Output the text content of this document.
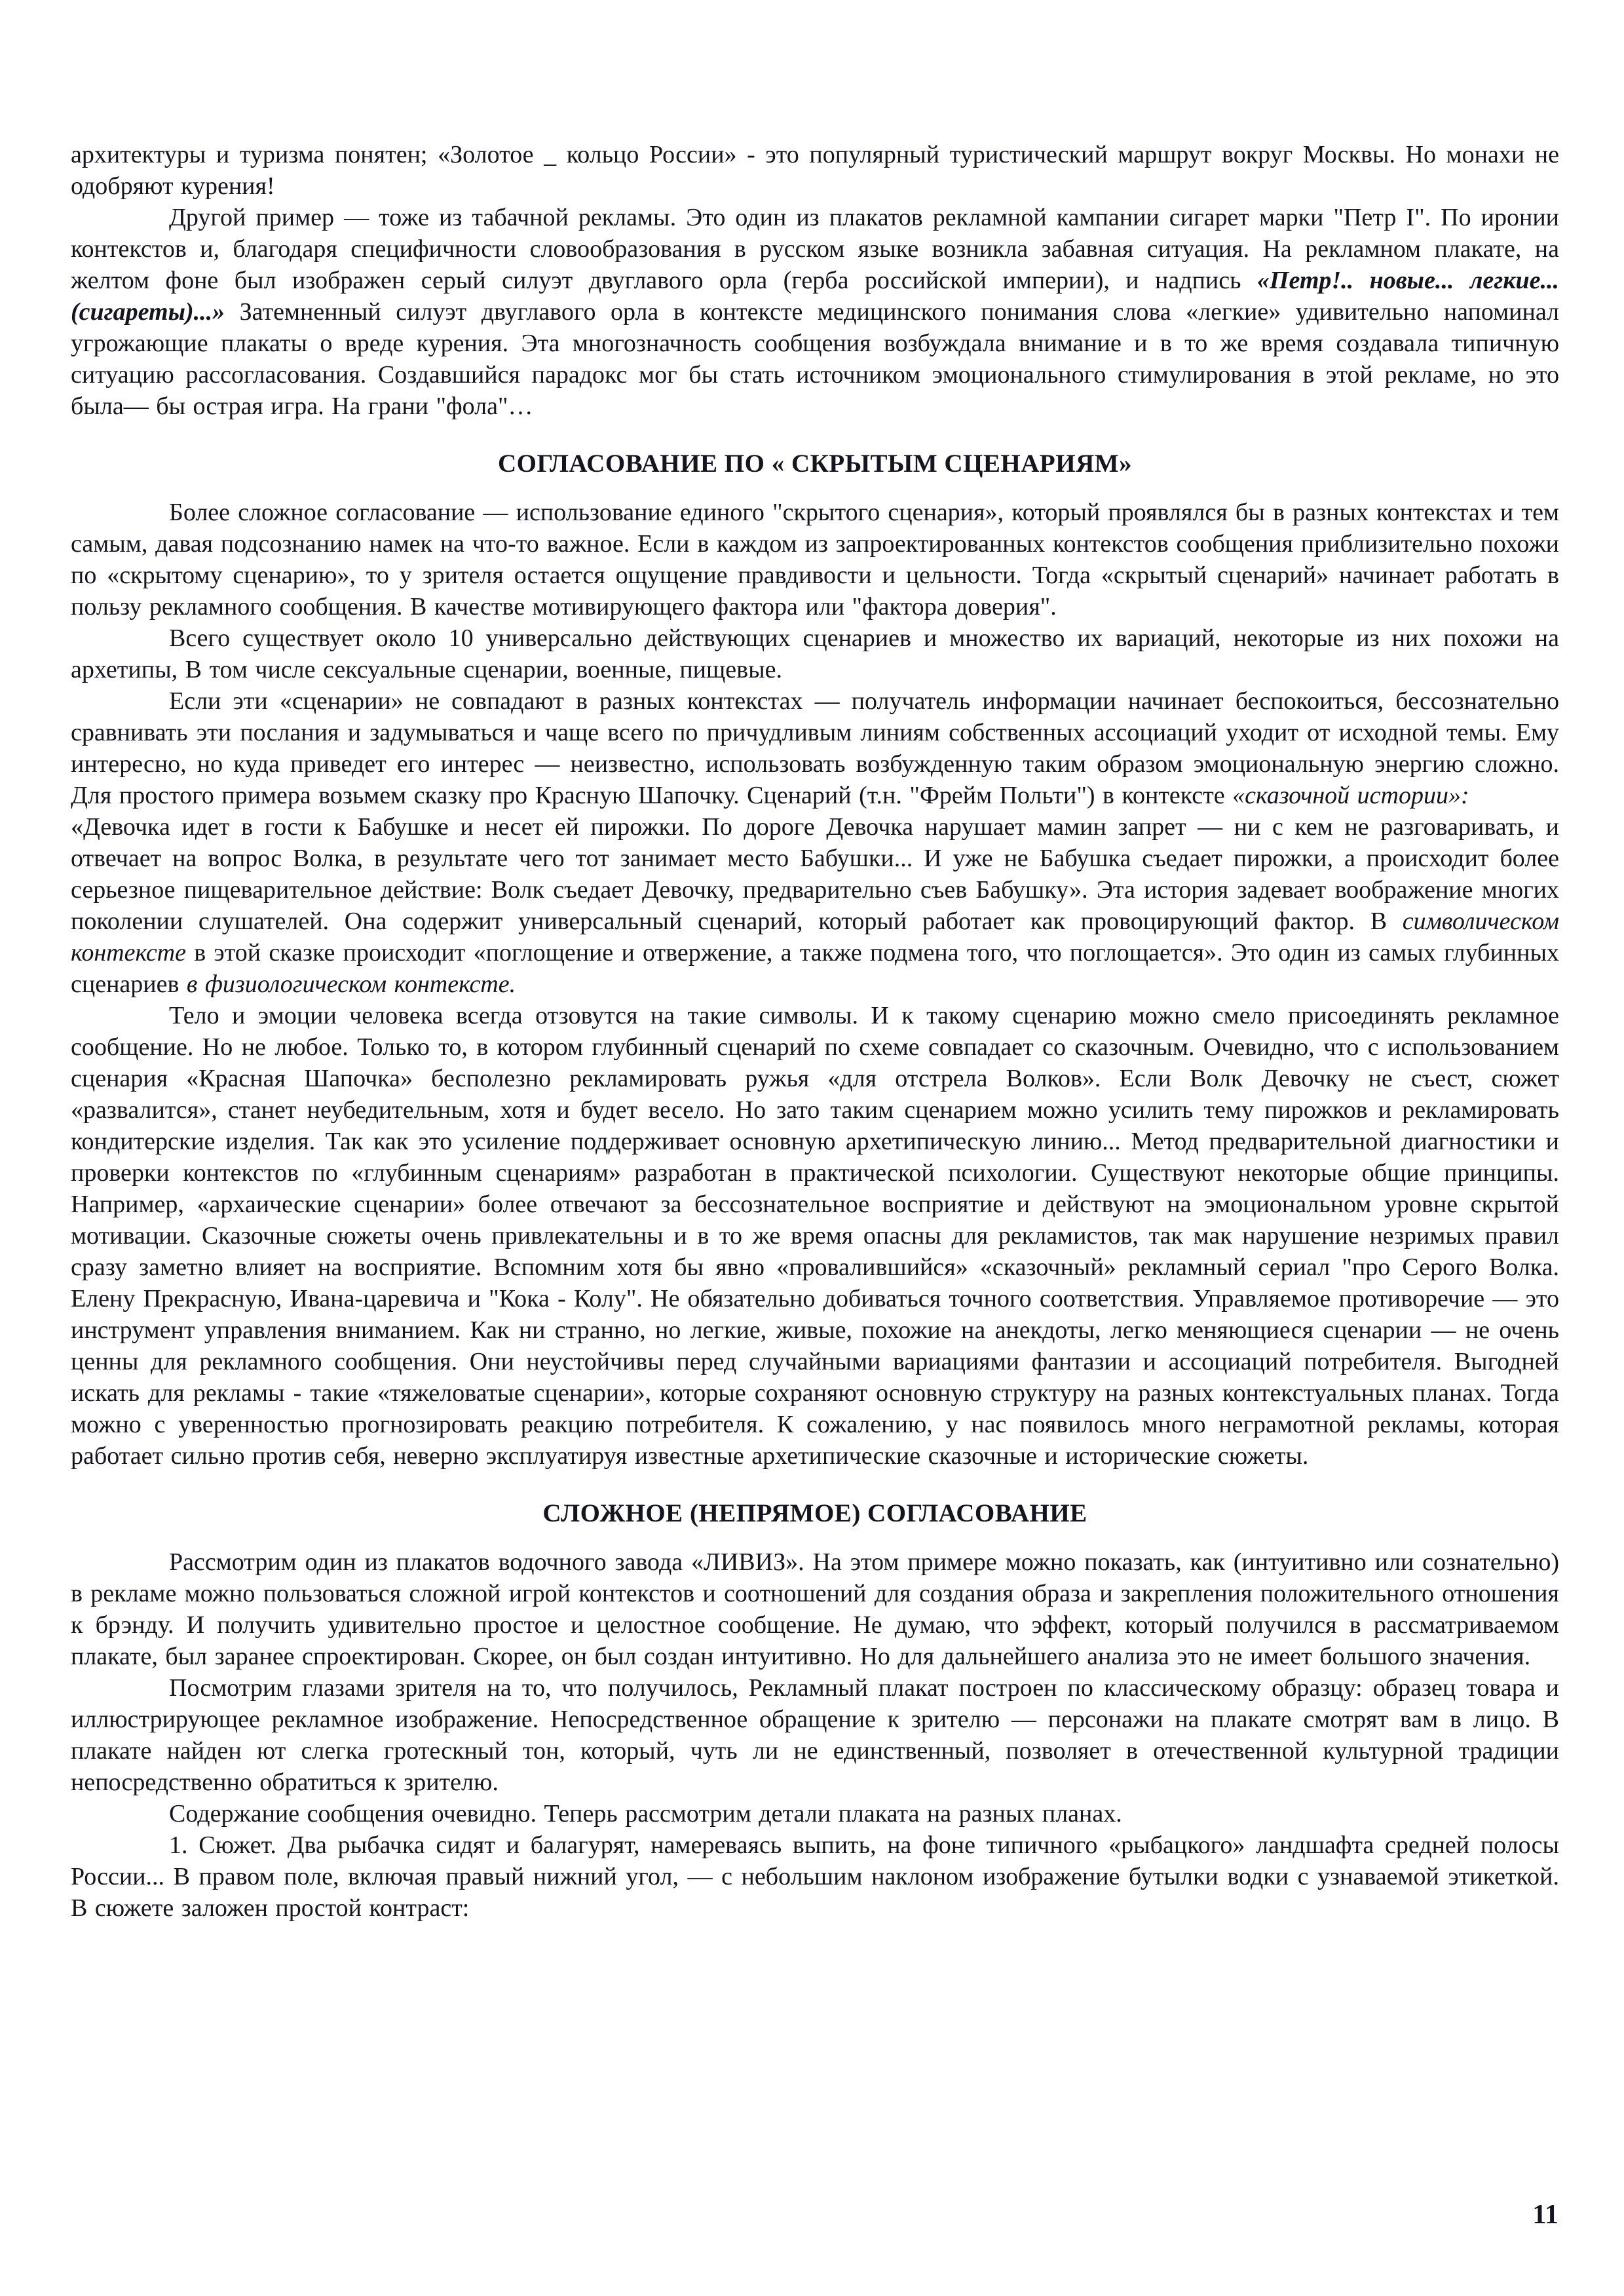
архитектуры и туризма понятен; «Золотое _ кольцо России» - это популярный туристический маршрут вокруг Москвы. Но монахи не одобряют курения!

Другой пример — тоже из табачной рекламы. Это один из плакатов рекламной кампании сигарет марки "Петр I". По иронии контекстов и, благодаря специфичности словообразования в русском языке возникла забавная ситуация. На рекламном плакате, на желтом фоне был изображен серый силуэт двуглавого орла (герба российской империи), и надпись «Петр!.. новые... легкие... (сигареты)...» Затемненный силуэт двуглавого орла в контексте медицинского понимания слова «легкие» удивительно напоминал угрожающие плакаты о вреде курения. Эта многозначность сообщения возбуждала внимание и в то же время создавала типичную ситуацию рассогласования. Создавшийся парадокс мог бы стать источником эмоционального стимулирования в этой рекламе, но это была— бы острая игра. На грани "фола"…

СОГЛАСОВАНИЕ ПО « СКРЫТЫМ СЦЕНАРИЯМ»

Более сложное согласование — использование единого "скрытого сценария», который проявлялся бы в разных контекстах и тем самым, давая подсознанию намек на что-то важное. Если в каждом из запроектированных контекстов сообщения приблизительно похожи по «скрытому сценарию», то у зрителя остается ощущение правдивости и цельности. Тогда «скрытый сценарий» начинает работать в пользу рекламного сообщения. В качестве мотивирующего фактора или "фактора доверия".

Всего существует около 10 универсально действующих сценариев и множество их вариаций, некоторые из них похожи на архетипы, В том числе сексуальные сценарии, военные, пищевые.

Если эти «сценарии» не совпадают в разных контекстах — получатель информации начинает беспокоиться, бессознательно сравнивать эти послания и задумываться и чаще всего по причудливым линиям собственных ассоциаций уходит от исходной темы. Ему интересно, но куда приведет его интерес — неизвестно, использовать возбужденную таким образом эмоциональную энергию сложно. Для простого примера возьмем сказку про Красную Шапочку. Сценарий (т.н. "Фрейм Польти") в контексте «сказочной истории»:

«Девочка идет в гости к Бабушке и несет ей пирожки. По дороге Девочка нарушает мамин запрет — ни с кем не разговаривать, и отвечает на вопрос Волка, в результате чего тот занимает место Бабушки... И уже не Бабушка съедает пирожки, а происходит более серьезное пищеварительное действие: Волк съедает Девочку, предварительно съев Бабушку». Эта история задевает воображение многих поколении слушателей. Она содержит универсальный сценарий, который работает как провоцирующий фактор. В символическом контексте в этой сказке происходит «поглощение и отвержение, а также подмена того, что поглощается». Это один из самых глубинных сценариев в физиологическом контексте.

Тело и эмоции человека всегда отзовутся на такие символы. И к такому сценарию можно смело присоединять рекламное сообщение. Но не любое. Только то, в котором глубинный сценарий по схеме совпадает со сказочным. Очевидно, что с использованием сценария «Красная Шапочка» бесполезно рекламировать ружья «для отстрела Волков». Если Волк Девочку не съест, сюжет «развалится», станет неубедительным, хотя и будет весело. Но зато таким сценарием можно усилить тему пирожков и рекламировать кондитерские изделия. Так как это усиление поддерживает основную архетипическую линию... Метод предварительной диагностики и проверки контекстов по «глубинным сценариям» разработан в практической психологии. Существуют некоторые общие принципы. Например, «архаические сценарии» более отвечают за бессознательное восприятие и действуют на эмоциональном уровне скрытой мотивации. Сказочные сюжеты очень привлекательны и в то же время опасны для рекламистов, так мак нарушение незримых правил сразу заметно влияет на восприятие. Вспомним хотя бы явно «провалившийся» «сказочный» рекламный сериал "про Серого Волка. Елену Прекрасную, Ивана-царевича и "Кока - Колу". Не обязательно добиваться точного соответствия. Управляемое противоречие — это инструмент управления вниманием. Как ни странно, но легкие, живые, похожие на анекдоты, легко меняющиеся сценарии — не очень ценны для рекламного сообщения. Они неустойчивы перед случайными вариациями фантазии и ассоциаций потребителя. Выгодней искать для рекламы - такие «тяжеловатые сценарии», которые сохраняют основную структуру на разных контекстуальных планах. Тогда можно с уверенностью прогнозировать реакцию потребителя. К сожалению, у нас появилось много неграмотной рекламы, которая работает сильно против себя, неверно эксплуатируя известные архетипические сказочные и исторические сюжеты.

СЛОЖНОЕ (НЕПРЯМОЕ) СОГЛАСОВАНИЕ

Рассмотрим один из плакатов водочного завода «ЛИВИЗ». На этом примере можно показать, как (интуитивно или сознательно) в рекламе можно пользоваться сложной игрой контекстов и соотношений для создания образа и закрепления положительного отношения к брэнду. И получить удивительно простое и целостное сообщение. Не думаю, что эффект, который получился в рассматриваемом плакате, был заранее спроектирован. Скорее, он был создан интуитивно. Но для дальнейшего анализа это не имеет большого значения.

Посмотрим глазами зрителя на то, что получилось, Рекламный плакат построен по классическому образцу: образец товара и иллюстрирующее рекламное изображение. Непосредственное обращение к зрителю — персонажи на плакате смотрят вам в лицо. В плакате найден ют слегка гротескный тон, который, чуть ли не единственный, позволяет в отечественной культурной традиции непосредственно обратиться к зрителю.

Содержание сообщения очевидно. Теперь рассмотрим детали плаката на разных планах.

1. Сюжет. Два рыбачка сидят и балагурят, намереваясь выпить, на фоне типичного «рыбацкого» ландшафта средней полосы России... В правом поле, включая правый нижний угол, — с небольшим наклоном изображение бутылки водки с узнаваемой этикеткой. В сюжете заложен простой контраст:

11
